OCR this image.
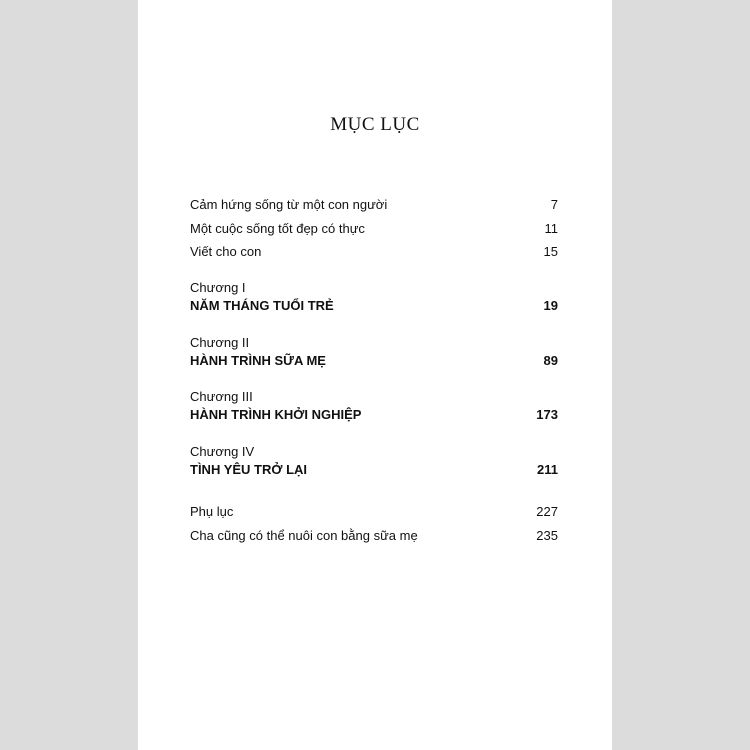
MỤC LỤC
Cảm hứng sống từ một con người	7
Một cuộc sống tốt đẹp có thực	11
Viết cho con	15
Chương I
NĂM THÁNG TUỔI TRẺ	19
Chương II
HÀNH TRÌNH SỮA MẸ	89
Chương III
HÀNH TRÌNH KHỞI NGHIỆP	173
Chương IV
TÌNH YÊU TRỞ LẠI	211
Phụ lục	227
Cha cũng có thể nuôi con bằng sữa mẹ	235
